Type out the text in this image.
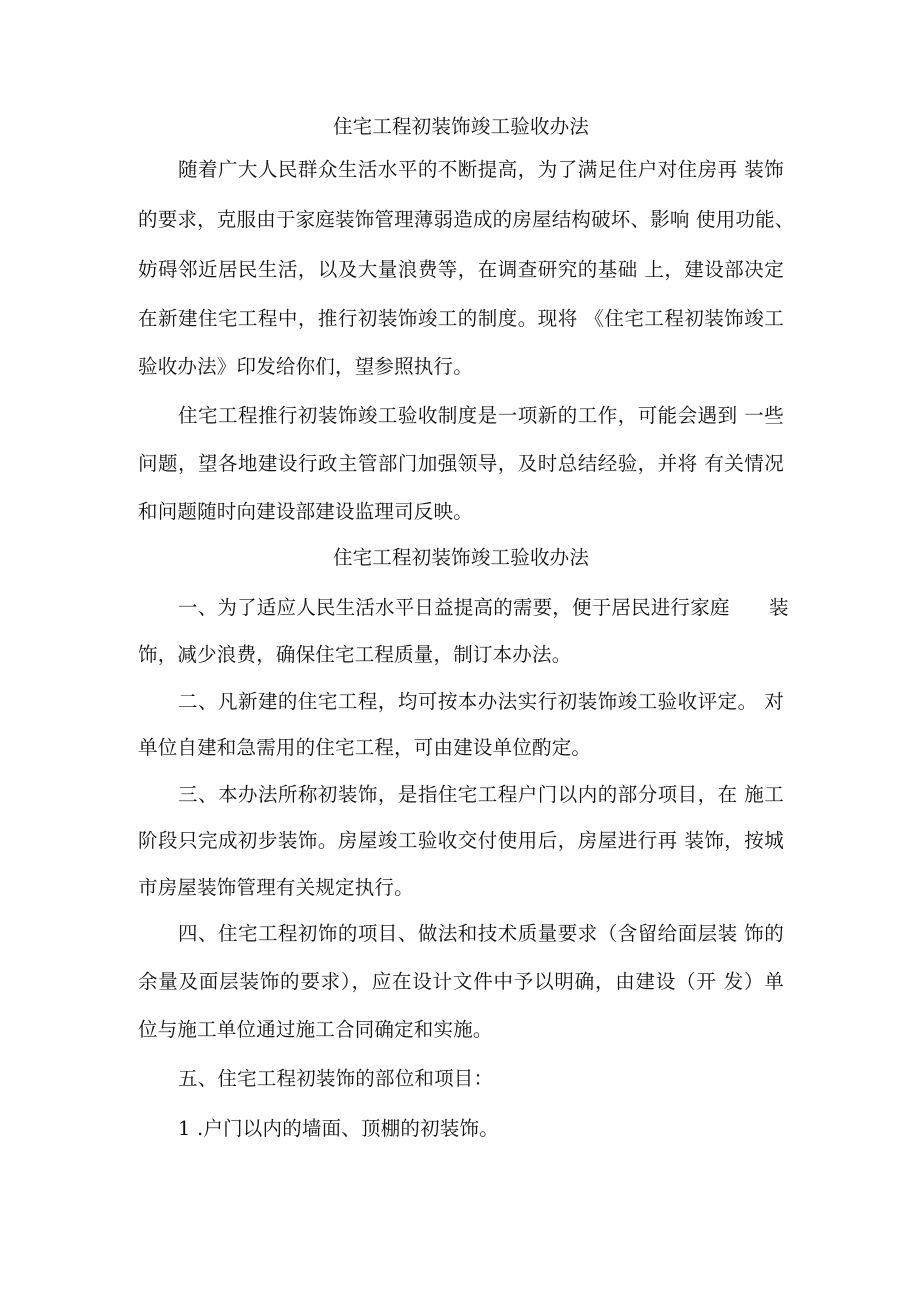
住宅工程初装饰竣工验收办法
随着广大人民群众生活水平的不断提高，为了满足住户对住房再 装饰
的要求，克服由于家庭装饰管理薄弱造成的房屋结构破坏、影响 使用功能、
妨碍邻近居民生活，以及大量浪费等，在调查研究的基础 上，建设部决定
在新建住宅工程中，推行初装饰竣工的制度。现将 《住宅工程初装饰竣工
验收办法》印发给你们，望参照执行。
住宅工程推行初装饰竣工验收制度是一项新的工作，可能会遇到 一些
问题，望各地建设行政主管部门加强领导，及时总结经验，并将 有关情况
和问题随时向建设部建设监理司反映。
住宅工程初装饰竣工验收办法
一、为了适应人民生活水平日益提高的需要，便于居民进行家庭　　装
饰，减少浪费，确保住宅工程质量，制订本办法。
二、凡新建的住宅工程，均可按本办法实行初装饰竣工验收评定。 对
单位自建和急需用的住宅工程，可由建设单位酌定。
三、本办法所称初装饰，是指住宅工程户门以内的部分项目，在 施工
阶段只完成初步装饰。房屋竣工验收交付使用后，房屋进行再 装饰，按城
市房屋装饰管理有关规定执行。
四、住宅工程初饰的项目、做法和技术质量要求（含留给面层装 饰的
余量及面层装饰的要求），应在设计文件中予以明确，由建设（开 发）单
位与施工单位通过施工合同确定和实施。
五、住宅工程初装饰的部位和项目：
1 .户门以内的墙面、顶棚的初装饰。
